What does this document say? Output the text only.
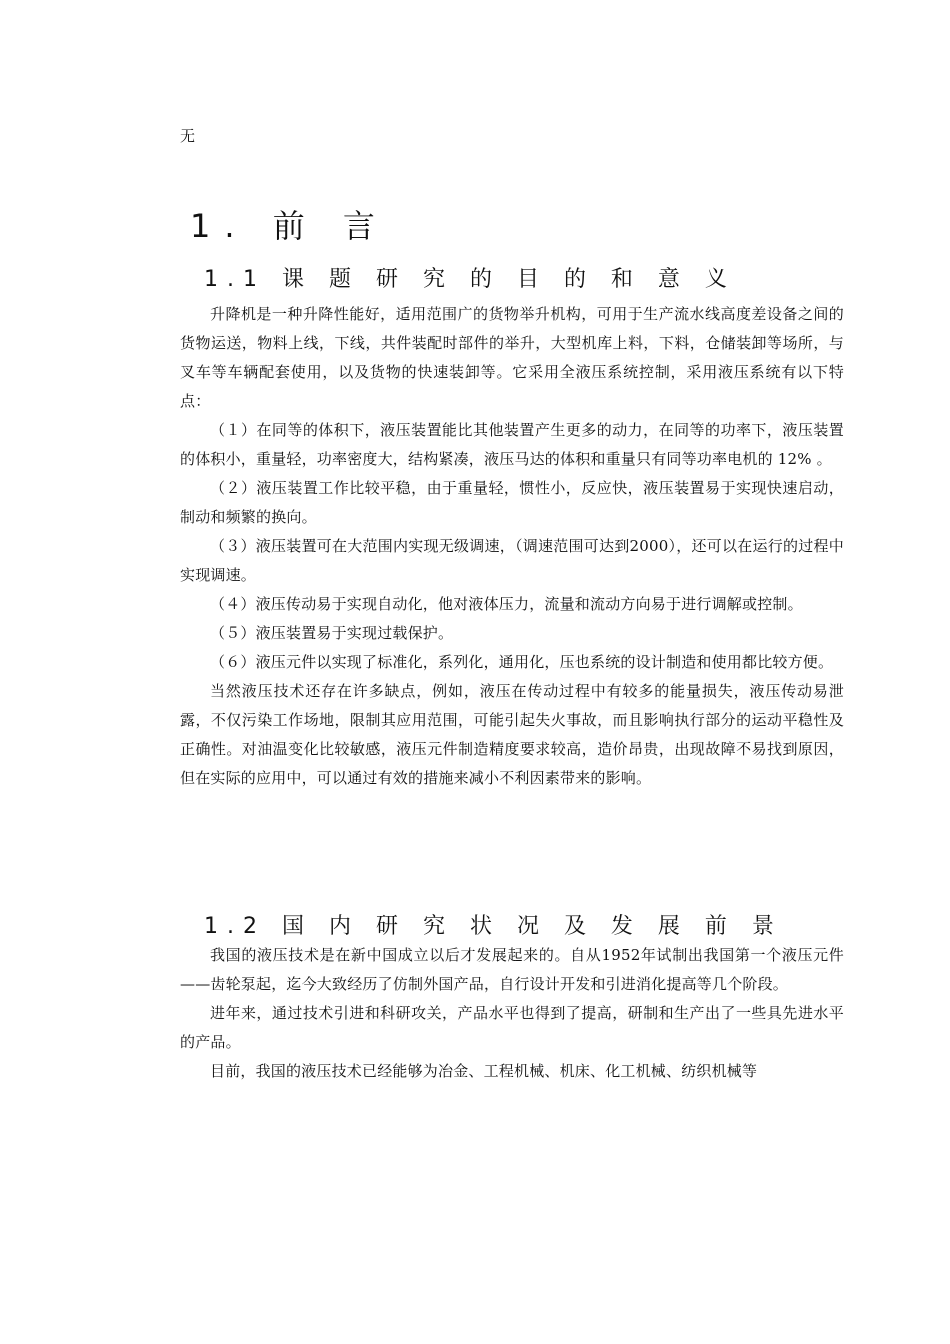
无
1. 前 言
1.1 课 题 研 究 的 目 的 和 意 义

升降机是一种升降性能好，适用范围广的货物举升机构，可用于生产流水线高度差设备之间的货物运送，物料上线，下线，共件装配时部件的举升，大型机库上料，下料，仓储装卸等场所，与叉车等车辆配套使用，以及货物的快速装卸等。它采用全液压系统控制，采用液压系统有以下特点：

（１）在同等的体积下，液压装置能比其他装置产生更多的动力，在同等的功率下，液压装置的体积小，重量轻，功率密度大，结构紧凑，液压马达的体积和重量只有同等功率电机的 12% 。

（２）液压装置工作比较平稳，由于重量轻，惯性小，反应快，液压装置易于实现快速启动，制动和频繁的换向。

（３）液压装置可在大范围内实现无级调速，（调速范围可达到2000），还可以在运行的过程中实现调速。

（４）液压传动易于实现自动化，他对液体压力，流量和流动方向易于进行调解或控制。

（５）液压装置易于实现过载保护。

（６）液压元件以实现了标准化，系列化，通用化，压也系统的设计制造和使用都比较方便。

当然液压技术还存在许多缺点，例如，液压在传动过程中有较多的能量损失，液压传动易泄露，不仅污染工作场地，限制其应用范围，可能引起失火事故，而且影响执行部分的运动平稳性及正确性。对油温变化比较敏感，液压元件制造精度要求较高，造价昂贵，出现故障不易找到原因，但在实际的应用中，可以通过有效的措施来减小不利因素带来的影响。

1.2 国 内 研 究 状 况 及 发 展 前 景

我国的液压技术是在新中国成立以后才发展起来的。自从1952年试制出我国第一个液压元件——齿轮泵起，迄今大致经历了仿制外国产品，自行设计开发和引进消化提高等几个阶段。

进年来，通过技术引进和科研攻关，产品水平也得到了提高，研制和生产出了一些具先进水平的产品。

目前，我国的液压技术已经能够为冶金、工程机械、机床、化工机械、纺织机械等
